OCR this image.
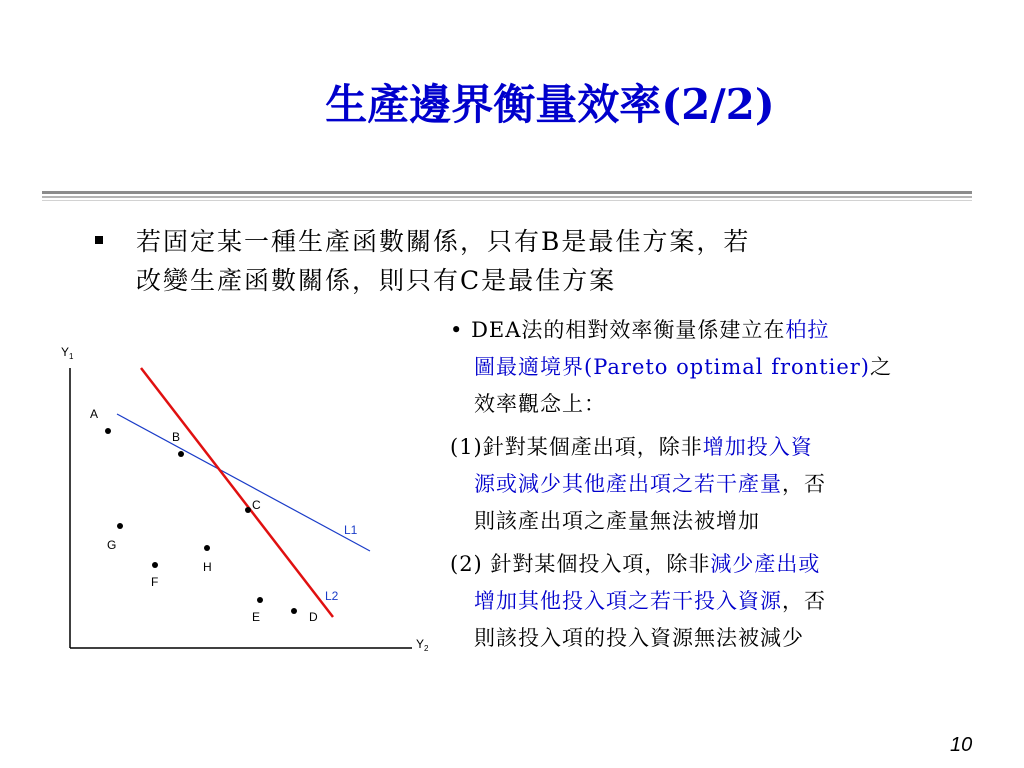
生產邊界衡量效率(2/2)
若固定某一種生產函數關係，只有B是最佳方案，若
改變生產函數關係，則只有C是最佳方案
• DEA法的相對效率衡量係建立在柏拉
圖最適境界(Pareto optimal frontier)之
效率觀念上：
(1)針對某個產出項，除非增加投入資
源或減少其他產出項之若干產量，否
則該產出項之產量無法被增加
(2) 針對某個投入項，除非減少產出或
增加其他投入項之若干投入資源，否
則該投入項的投入資源無法被減少
$Y_1$
$Y_2$
L1
L2
A
B
C
D
E
F
G
H
10
